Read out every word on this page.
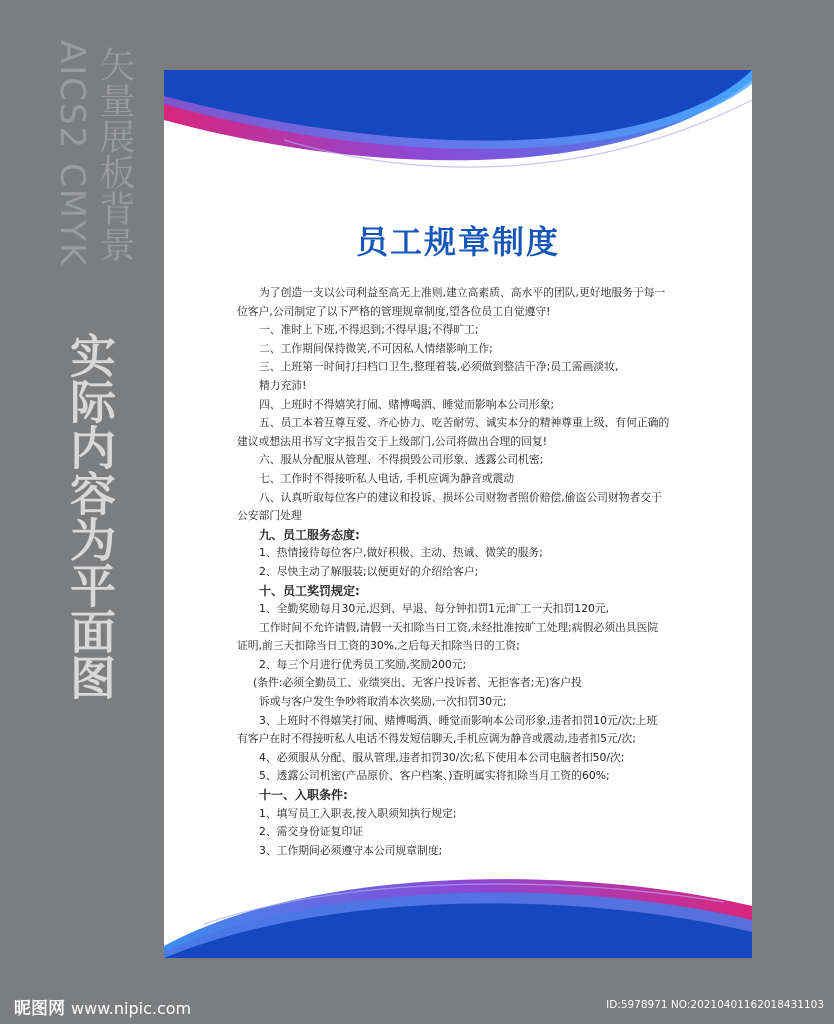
AICS2 CMYK 矢量展板背景
实际内容为平面图
员工规章制度

为了创造一支以公司利益至高无上准则,建立高素质、高水平的团队,更好地服务于每一

位客户,公司制定了以下严格的管理规章制度,望各位员工自觉遵守!

一、准时上下班,不得迟到;不得早退;不得旷工;

二、工作期间保持微笑,不可因私人情绪影响工作;

三、上班第一时间打扫档口卫生,整理着装,必须做到整洁干净;员工需画淡妆,

精力充沛!

四、上班时不得嬉笑打闹、赌博喝酒、睡觉而影响本公司形象;

五、员工本着互尊互爱、齐心协力、吃苦耐劳、诚实本分的精神尊重上级、有何正确的

建议或想法用书写文字报告交于上级部门,公司将做出合理的回复!

六、服从分配服从管理、不得损毁公司形象、透露公司机密;

七、工作时不得接听私人电话, 手机应调为静音或震动

八、认真听取每位客户的建议和投诉、损坏公司财物者照价赔偿,偷盗公司财物者交于

公安部门处理

九、员工服务态度:

1、热情接待每位客户,做好积极、主动、热诚、微笑的服务;

2、尽快主动了解服装;以便更好的介绍给客户;

十、员工奖罚规定:

1、全勤奖励每月30元,迟到、早退、每分钟扣罚1元;旷工一天扣罚120元,

工作时间不允许请假,请假一天扣除当日工资,未经批准按旷工处理;病假必须出具医院

证明,前三天扣除当日工资的30%,之后每天扣除当日的工资;

2、每三个月进行优秀员工奖励,奖励200元;

(条件:必须全勤员工、业绩突出、无客户投诉者、无拒客者;无)客户投

诉或与客户发生争吵将取消本次奖励,一次扣罚30元;

3、上班时不得嬉笑打闹、赌博喝酒、睡觉而影响本公司形象,违者扣罚10元/次;上班

有客户在时不得接听私人电话不得发短信聊天,手机应调为静音或震动,违者扣5元/次;

4、必须服从分配、服从管理,违者扣罚30/次;私下使用本公司电脑者扣50/次;

5、透露公司机密(产品原价、客户档案、)查明属实将扣除当月工资的60%;

十一、入职条件:

1、填写员工入职表,按入职须知执行规定;

2、需交身份证复印证

3、工作期间必须遵守本公司规章制度;

昵图网 www.nipic.com	ID:5978971 NO:20210401162018431103
